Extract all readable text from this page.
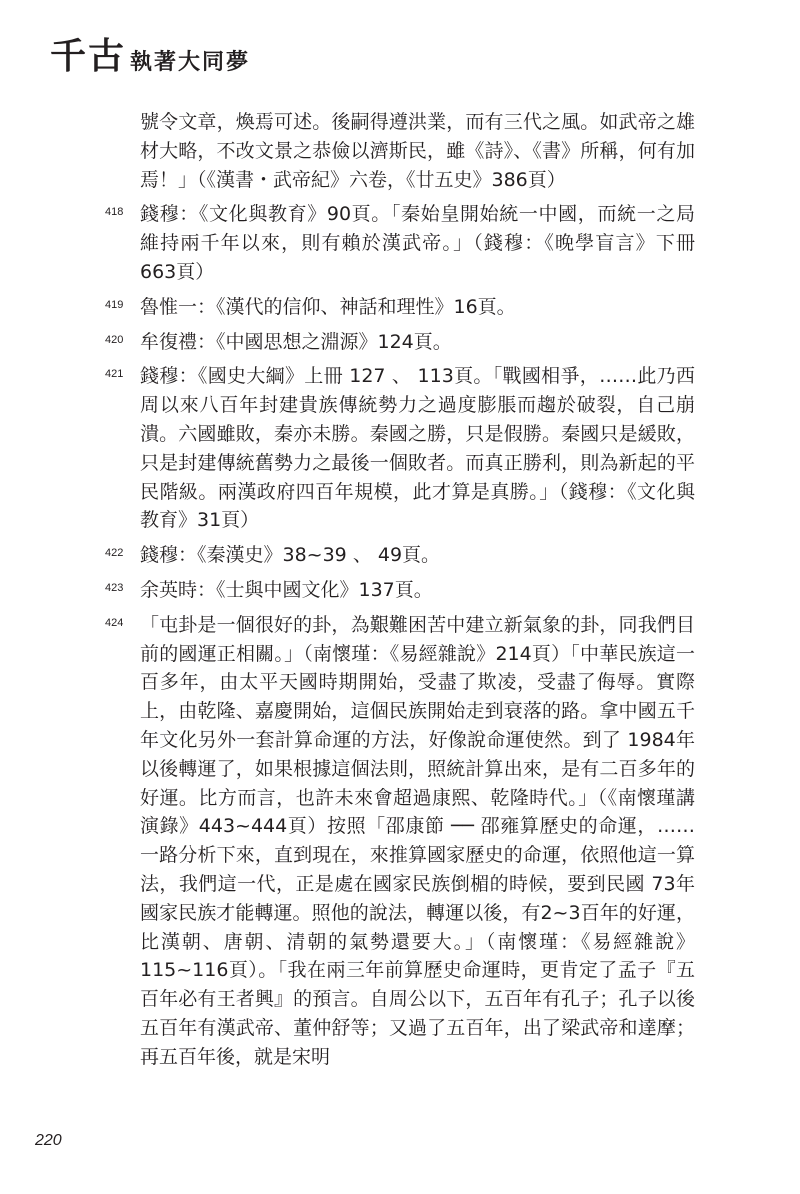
千古 執著大同夢
號令文章，煥焉可述。後嗣得遵洪業，而有三代之風。如武帝之雄材大略，不改文景之恭儉以濟斯民，雖《詩》、《書》所稱，何有加焉！」（《漢書・武帝紀》六卷，《廿五史》386頁）
418 錢穆：《文化與教育》90頁。「秦始皇開始統一中國，而統一之局維持兩千年以來，則有賴於漢武帝。」（錢穆：《晚學盲言》下冊 663頁）
419 魯惟一：《漢代的信仰、神話和理性》16頁。
420 牟復禮：《中國思想之淵源》124頁。
421 錢穆：《國史大綱》上冊 127 、 113頁。「戰國相爭，……此乃西周以來八百年封建貴族傳統勢力之過度膨脹而趨於破裂，自己崩潰。六國雖敗，秦亦未勝。秦國之勝，只是假勝。秦國只是緩敗，只是封建傳統舊勢力之最後一個敗者。而真正勝利，則為新起的平民階級。兩漢政府四百年規模，此才算是真勝。」（錢穆：《文化與教育》31頁）
422 錢穆：《秦漢史》38~39 、 49頁。
423 余英時：《士與中國文化》137頁。
424 「屯卦是一個很好的卦，為艱難困苦中建立新氣象的卦，同我們目前的國運正相關。」（南懷瑾：《易經雜說》214頁）「中華民族這一百多年，由太平天國時期開始，受盡了欺凌，受盡了侮辱。實際上，由乾隆、嘉慶開始，這個民族開始走到衰落的路。拿中國五千年文化另外一套計算命運的方法，好像說命運使然。到了 1984年以後轉運了，如果根據這個法則，照統計算出來，是有二百多年的好運。比方而言，也許未來會超過康熙、乾隆時代。」（《南懷瑾講演錄》443~444頁）按照「邵康節 ── 邵雍算歷史的命運，……一路分析下來，直到現在，來推算國家歷史的命運，依照他這一算法，我們這一代，正是處在國家民族倒楣的時候，要到民國 73年國家民族才能轉運。照他的說法，轉運以後，有2~3百年的好運，比漢朝、唐朝、清朝的氣勢還要大。」（南懷瑾：《易經雜說》115~116頁）。「我在兩三年前算歷史命運時，更肯定了孟子『五百年必有王者興』的預言。自周公以下，五百年有孔子；孔子以後五百年有漢武帝、董仲舒等；又過了五百年，出了梁武帝和達摩；再五百年後，就是宋明
220
